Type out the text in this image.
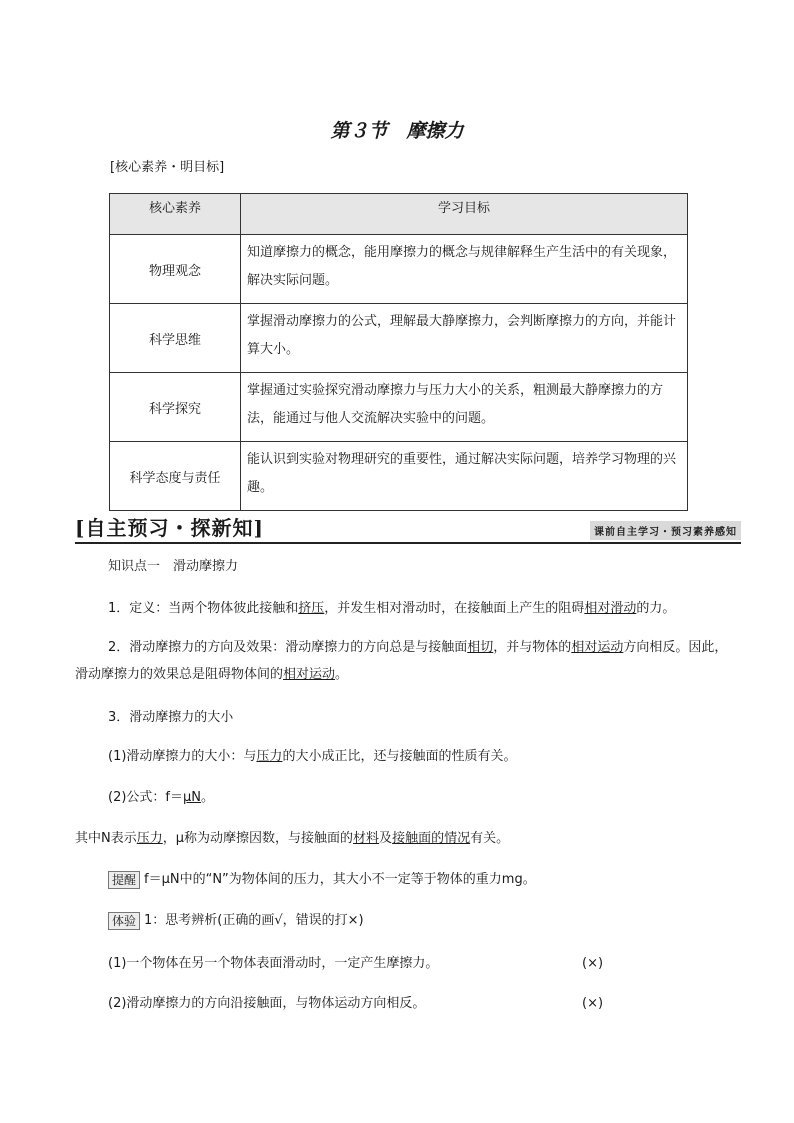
第３节　摩擦力
[核心素养・明目标]
核心素养	学习目标
物理观念	知道摩擦力的概念，能用摩擦力的概念与规律解释生产生活中的有关现象，解决实际问题。
科学思维	掌握滑动摩擦力的公式，理解最大静摩擦力，会判断摩擦力的方向，并能计算大小。
科学探究	掌握通过实验探究滑动摩擦力与压力大小的关系，粗测最大静摩擦力的方法，能通过与他人交流解决实验中的问题。
科学态度与责任	能认识到实验对物理研究的重要性，通过解决实际问题，培养学习物理的兴趣。
[自主预习・探新知]	课前自主学习・预习素养感知
知识点一　滑动摩擦力
1．定义：当两个物体彼此接触和挤压，并发生相对滑动时，在接触面上产生的阻碍相对滑动的力。
2．滑动摩擦力的方向及效果：滑动摩擦力的方向总是与接触面相切，并与物体的相对运动方向相反。因此，滑动摩擦力的效果总是阻碍物体间的相对运动。
3．滑动摩擦力的大小
(1)滑动摩擦力的大小：与压力的大小成正比，还与接触面的性质有关。
(2)公式：f＝μN。
其中N表示压力，μ称为动摩擦因数，与接触面的材料及接触面的情况有关。
提醒 f＝μN中的“N”为物体间的压力，其大小不一定等于物体的重力mg。
体验 1：思考辨析(正确的画√，错误的打×)
(1)一个物体在另一个物体表面滑动时，一定产生摩擦力。	(×)
(2)滑动摩擦力的方向沿接触面，与物体运动方向相反。	(×)
